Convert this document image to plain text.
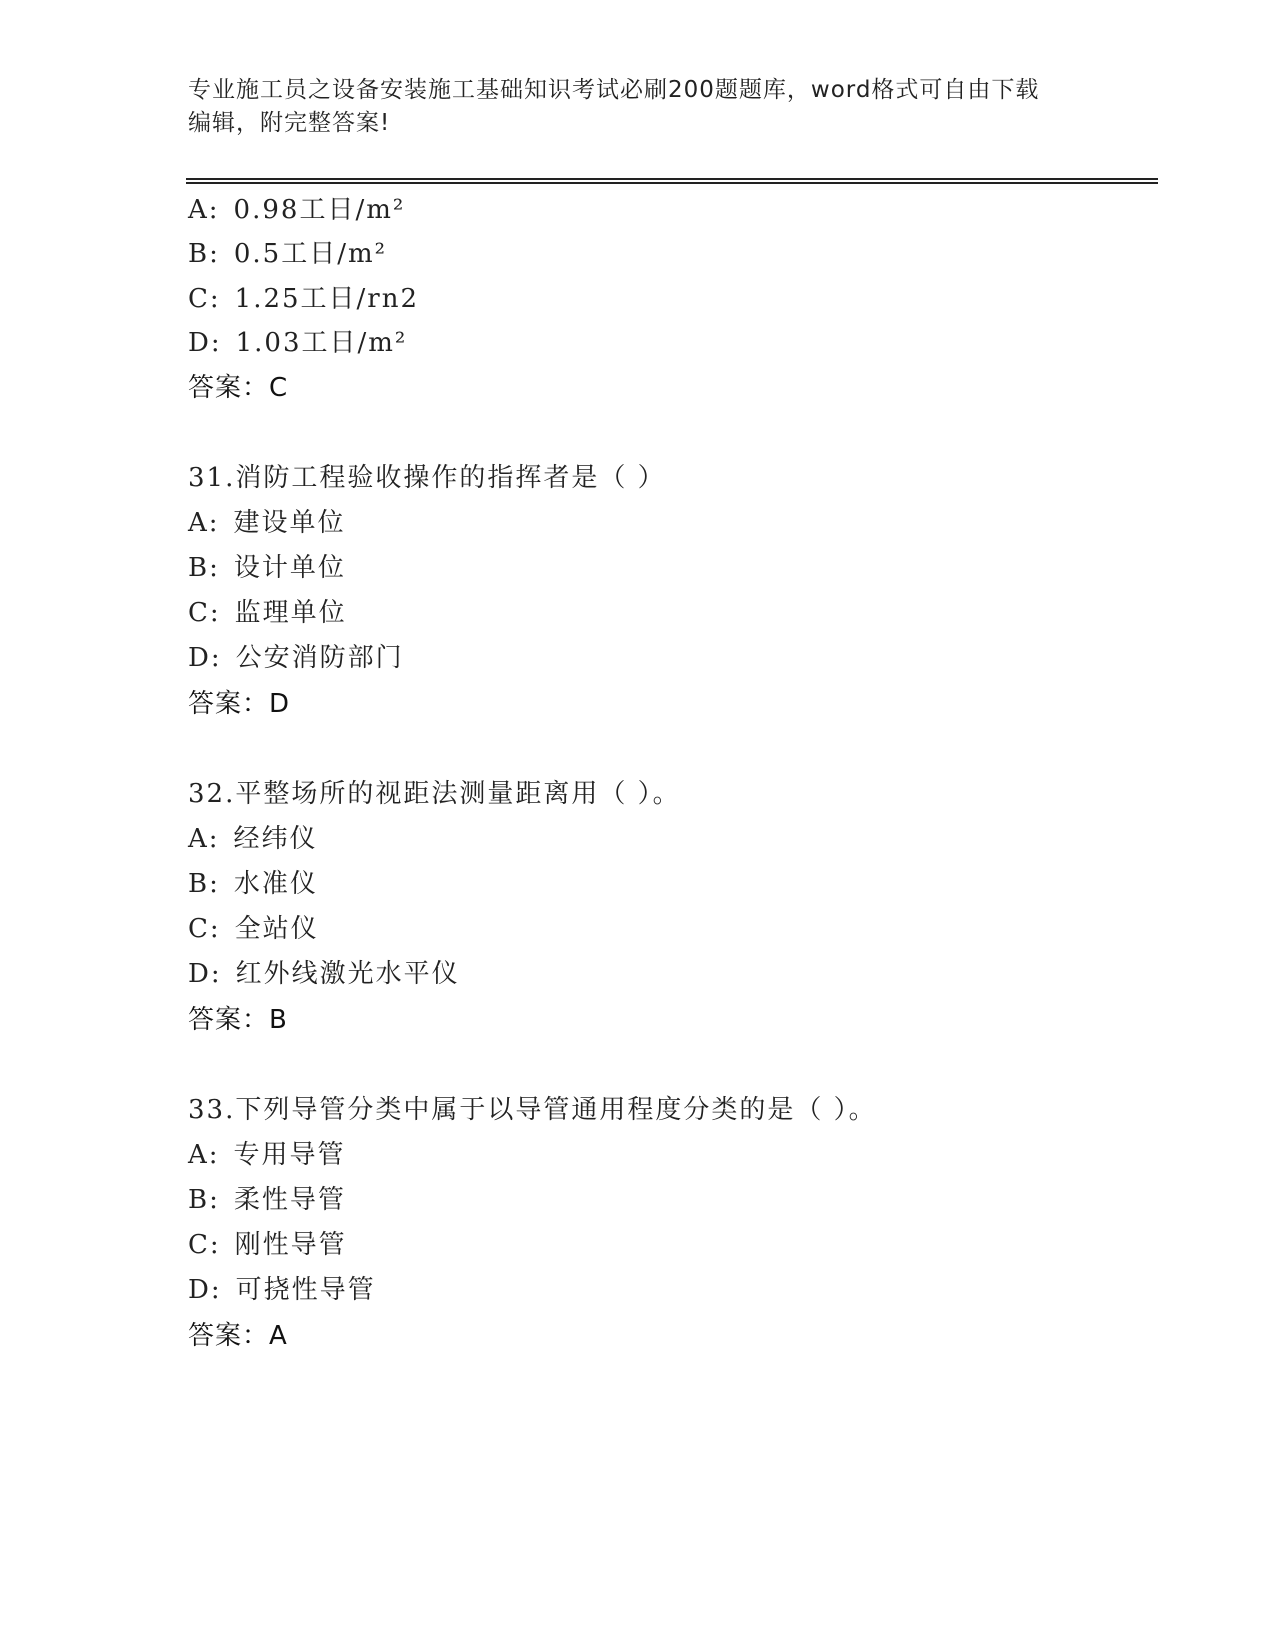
专业施工员之设备安装施工基础知识考试必刷200题题库，word格式可自由下载
编辑，附完整答案!
A: 0.98工日/m²
B: 0.5工日/m²
C: 1.25工日/rn2
D: 1.03工日/m²
答案：C
31.消防工程验收操作的指挥者是（ ）
A: 建设单位
B: 设计单位
C: 监理单位
D: 公安消防部门
答案：D
32.平整场所的视距法测量距离用（ ）。
A: 经纬仪
B: 水准仪
C: 全站仪
D: 红外线激光水平仪
答案：B
33.下列导管分类中属于以导管通用程度分类的是（ ）。
A: 专用导管
B: 柔性导管
C: 刚性导管
D: 可挠性导管
答案：A
